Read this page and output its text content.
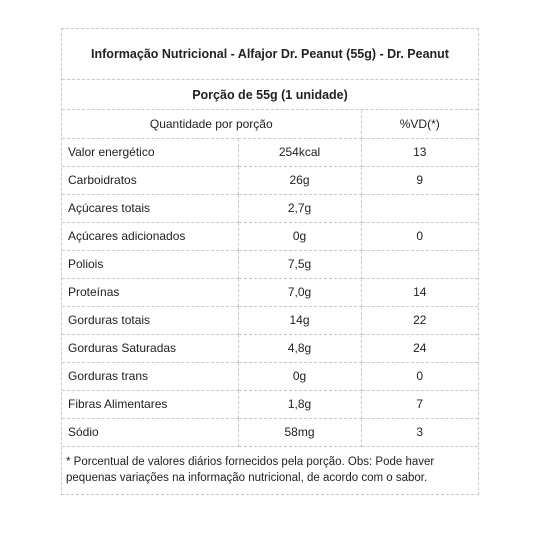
Informação Nutricional - Alfajor Dr. Peanut (55g) - Dr. Peanut
Porção de 55g (1 unidade)
Quantidade por porção		%VD(*)
Valor energético	254kcal	13
Carboidratos	26g	9
Açúcares totais	2,7g	
Açúcares adicionados	0g	0
Poliois	7,5g	
Proteínas	7,0g	14
Gorduras totais	14g	22
Gorduras Saturadas	4,8g	24
Gorduras trans	0g	0
Fibras Alimentares	1,8g	7
Sódio	58mg	3
* Porcentual de valores diários fornecidos pela porção. Obs: Pode haver pequenas variações na informação nutricional, de acordo com o sabor.
